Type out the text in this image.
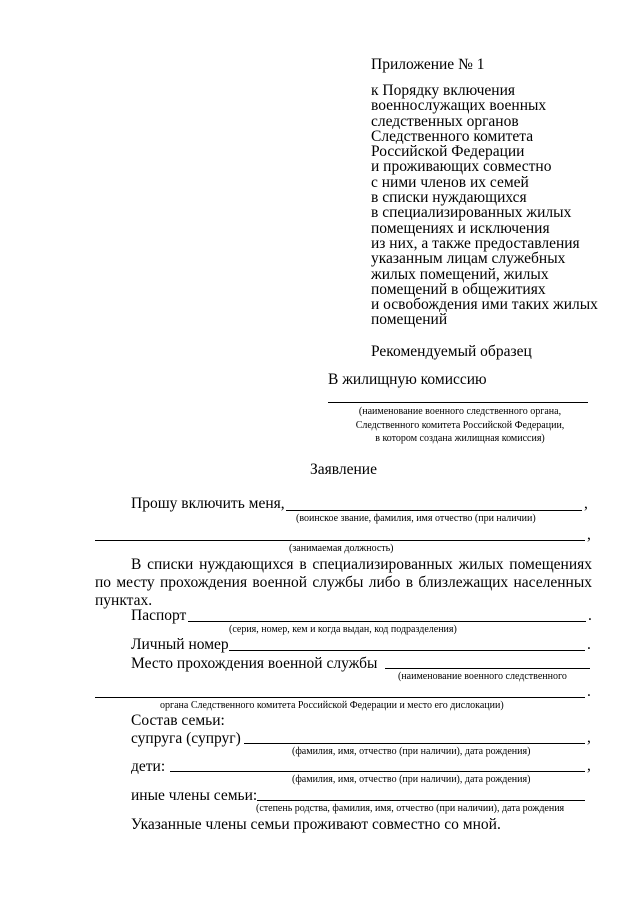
Приложение № 1
к Порядку включения
военнослужащих военных
следственных органов
Следственного комитета
Российской Федерации
и проживающих совместно
с ними членов их семей
в списки нуждающихся
в специализированных жилых
помещениях и исключения
из них, а также предоставления
указанным лицам служебных
жилых помещений, жилых
помещений в общежитиях
и освобождения ими таких жилых
помещений
Рекомендуемый образец
В жилищную комиссию
(наименование военного следственного органа,
Следственного комитета Российской Федерации,
в котором создана жилищная комиссия)
Заявление
Прошу включить меня,	,
(воинское звание, фамилия, имя отчество (при наличии)
,
(занимаемая должность)
В списки нуждающихся в специализированных жилых помещениях по месту прохождения военной службы либо в близлежащих населенных пунктах.
Паспорт	.
(серия, номер, кем и когда выдан, код подразделения)
Личный номер	.
Место прохождения военной службы
(наименование военного следственного
.
органа Следственного комитета Российской Федерации и место его дислокации)
Состав семьи:
супруга (супруг)	,
(фамилия, имя, отчество (при наличии), дата рождения)
дети:	,
(фамилия, имя, отчество (при наличии), дата рождения)
иные члены семьи:
(степень родства, фамилия, имя, отчество (при наличии), дата рождения
Указанные члены семьи проживают совместно со мной.
